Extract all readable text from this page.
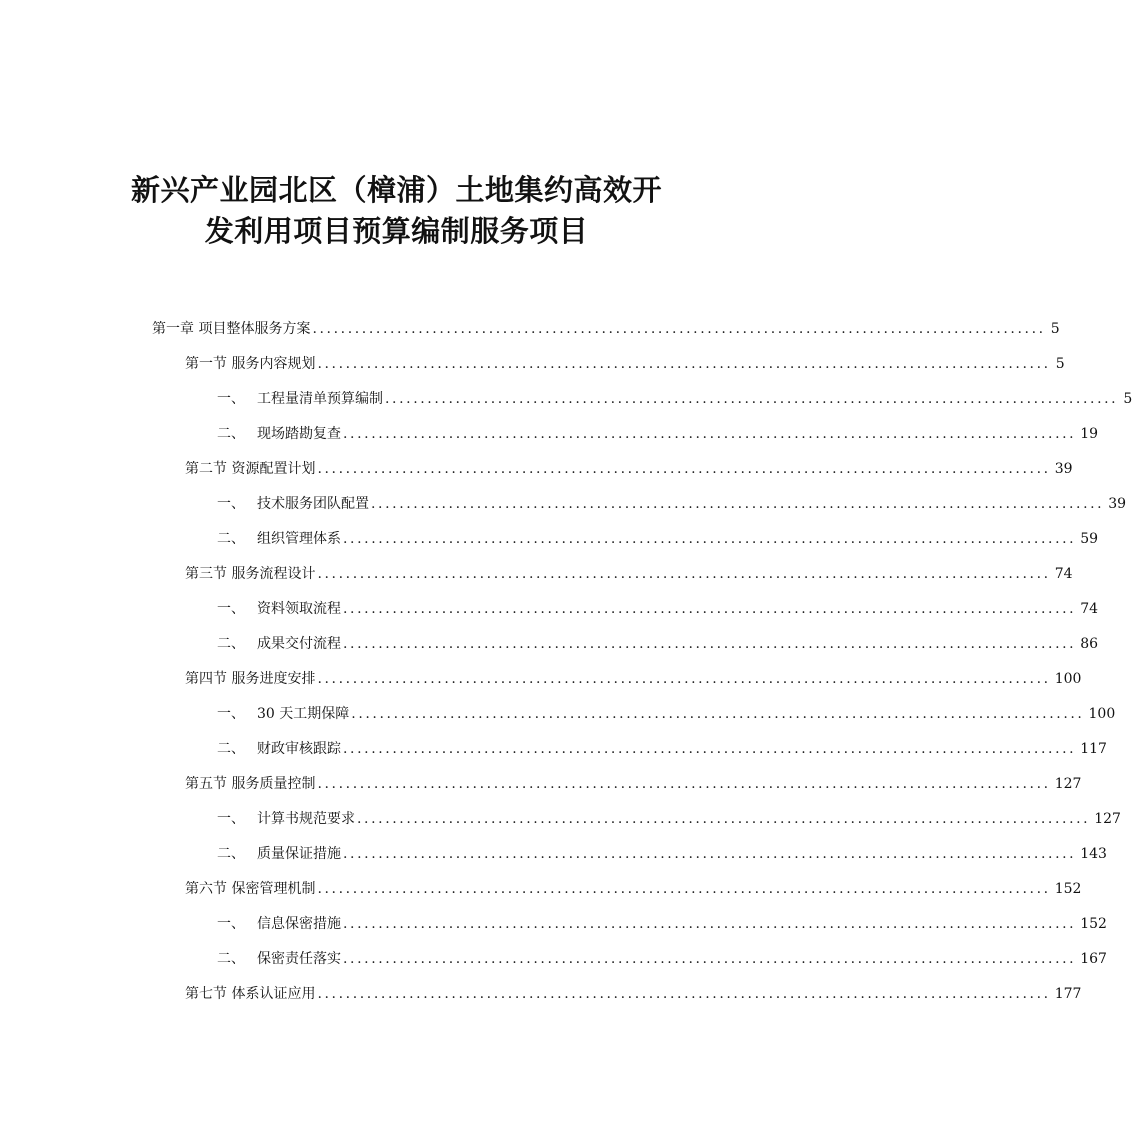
新兴产业园北区（樟浦）土地集约高效开
发利用项目预算编制服务项目
第一章 项目整体服务方案 ........................................................................................................ 5
第一节 服务内容规划 ........................................................................................................ 5
一、 工程量清单预算编制 ........................................................................................................ 5
二、 现场踏勘复查 ........................................................................................................ 19
第二节 资源配置计划 ........................................................................................................ 39
一、 技术服务团队配置 ........................................................................................................ 39
二、 组织管理体系 ........................................................................................................ 59
第三节 服务流程设计 ........................................................................................................ 74
一、 资料领取流程 ........................................................................................................ 74
二、 成果交付流程 ........................................................................................................ 86
第四节 服务进度安排 ........................................................................................................ 100
一、 30 天工期保障 ........................................................................................................ 100
二、 财政审核跟踪 ........................................................................................................ 117
第五节 服务质量控制 ........................................................................................................ 127
一、 计算书规范要求 ........................................................................................................ 127
二、 质量保证措施 ........................................................................................................ 143
第六节 保密管理机制 ........................................................................................................ 152
一、 信息保密措施 ........................................................................................................ 152
二、 保密责任落实 ........................................................................................................ 167
第七节 体系认证应用 ........................................................................................................ 177
